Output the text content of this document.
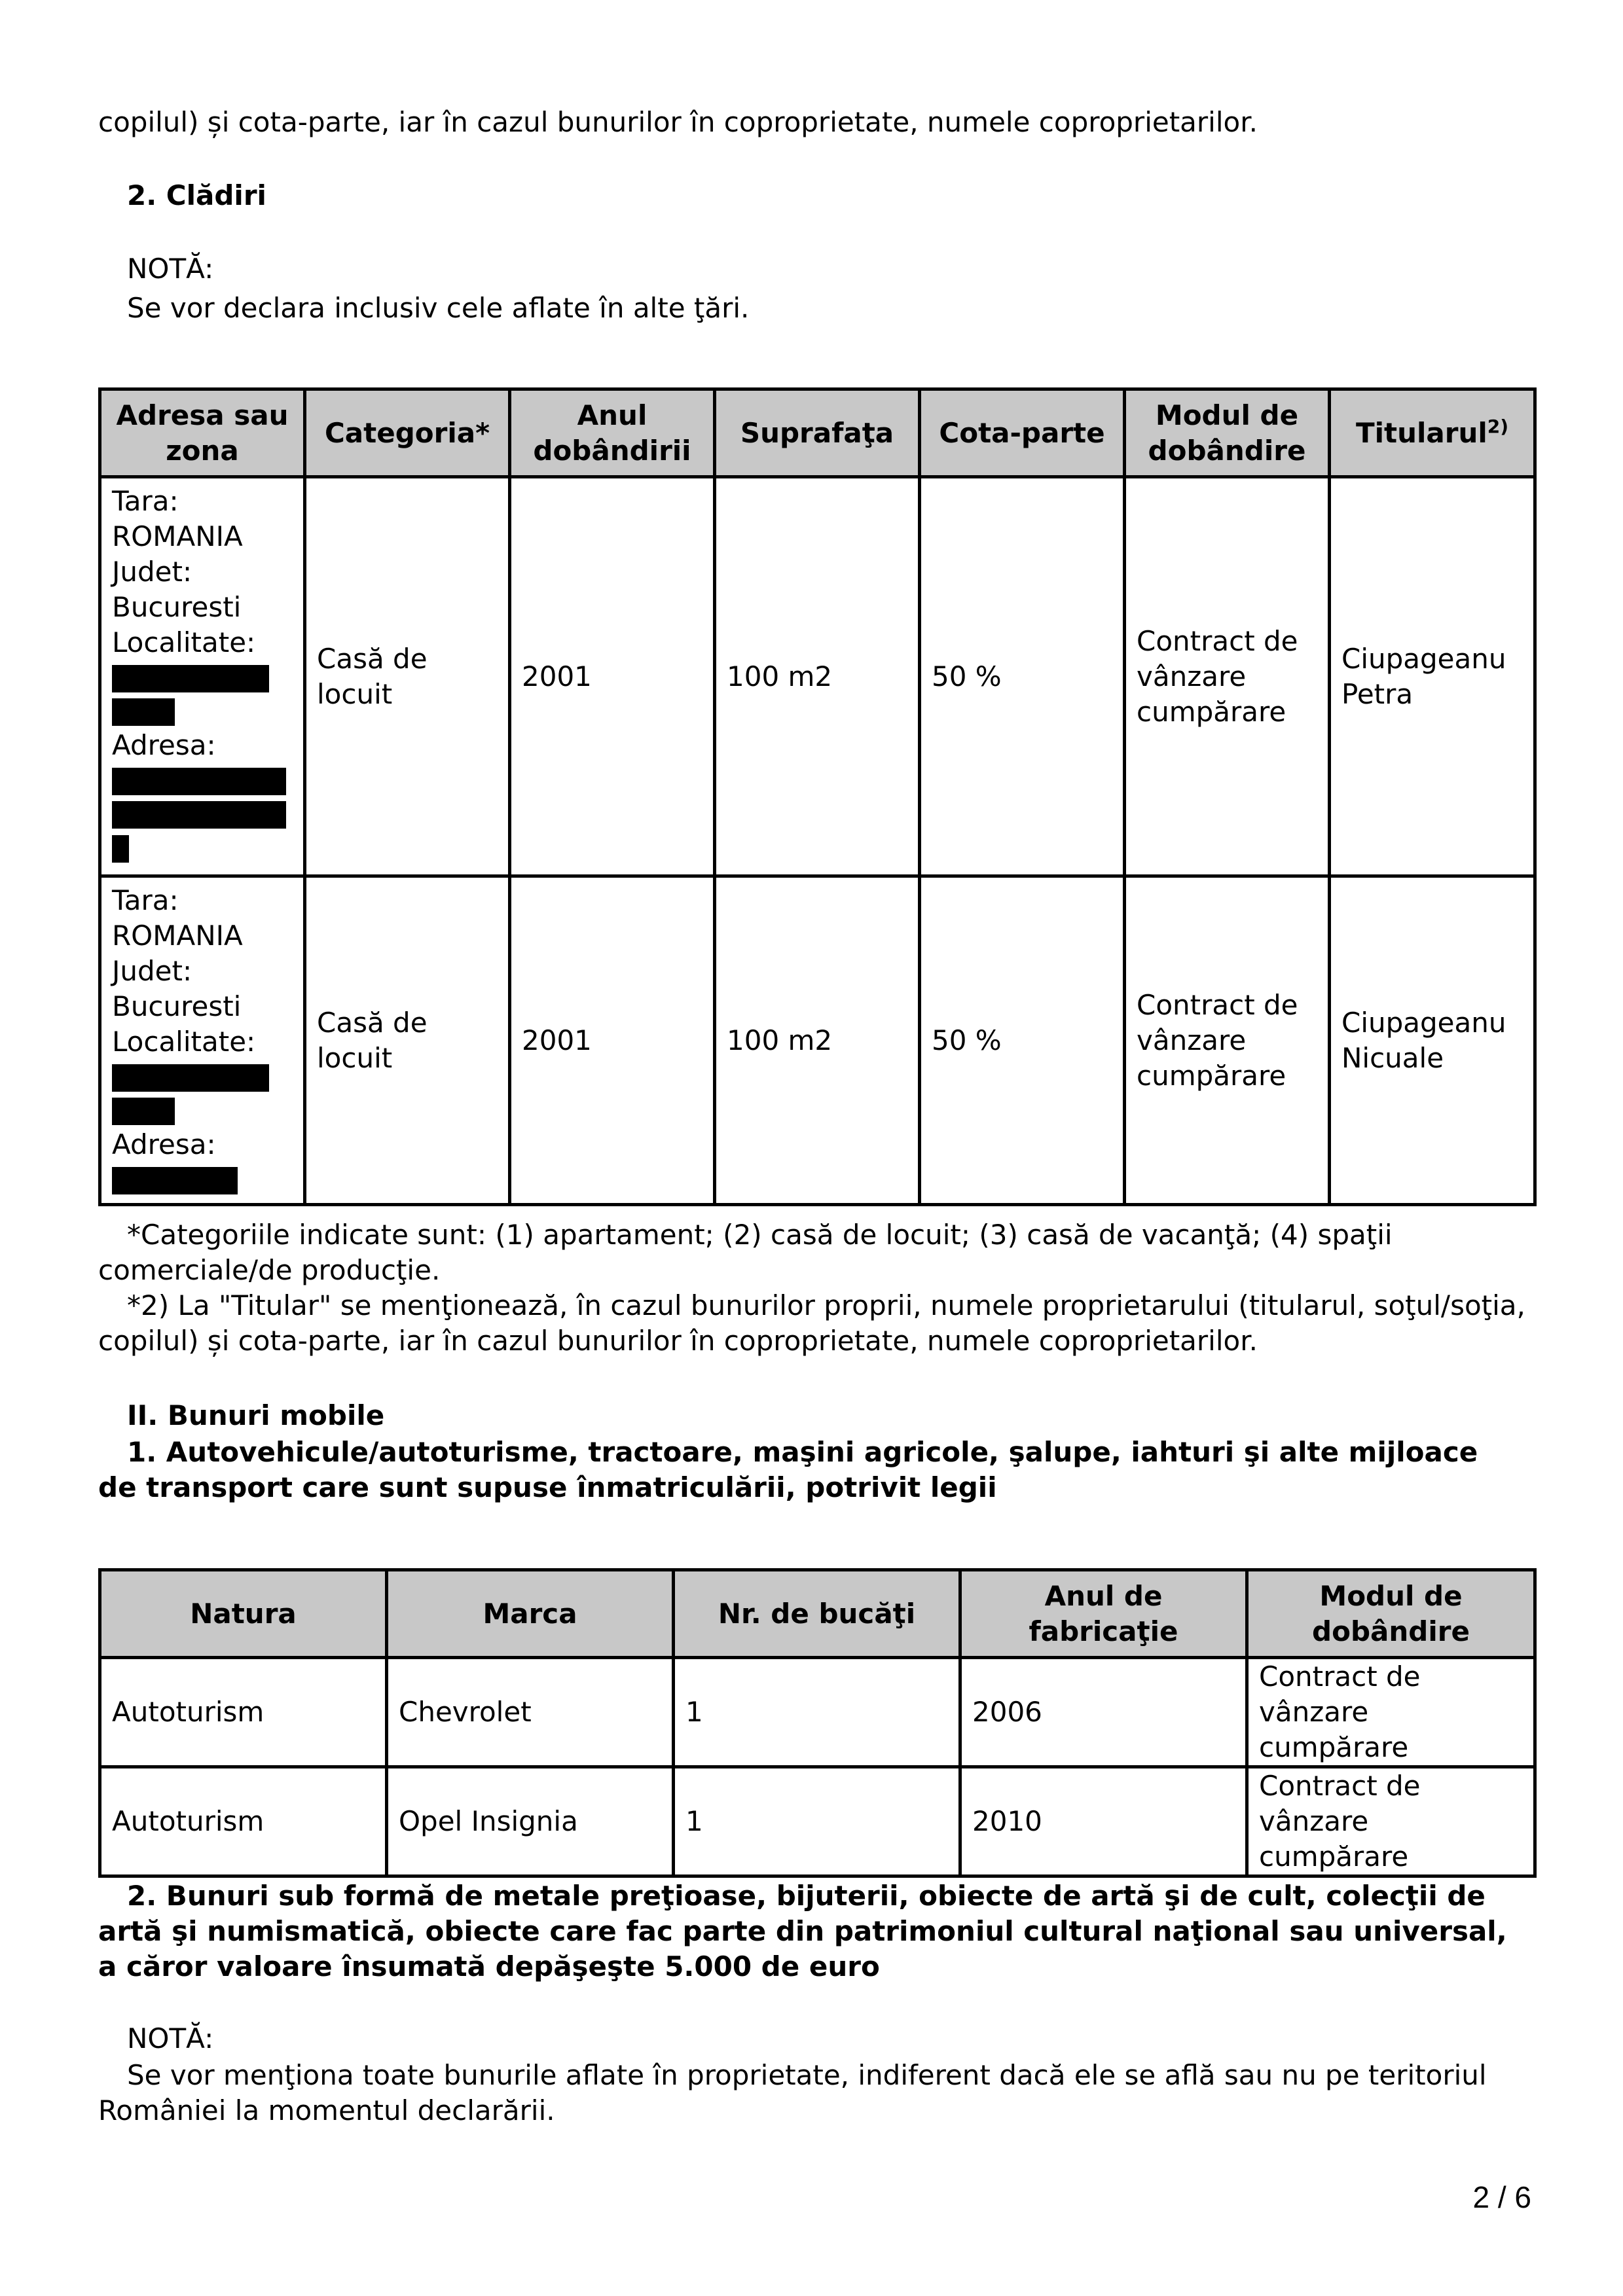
copilul) și cota-parte, iar în cazul bunurilor în coproprietate, numele coproprietarilor.

2. Clădiri

NOTĂ:

Se vor declara inclusiv cele aflate în alte ţări.

Adresa sau zona	Categoria*	Anul dobândirii	Suprafaţa	Cota-parte	Modul de dobândire	Titularul$^{2)}$

Tara: ROMANIA
Judet: Bucuresti
Localitate:

Adresa:	Casă de locuit	2001	100 m2	50 %	Contract de vânzare cumpărare	Ciupageanu Petra

Tara: ROMANIA
Judet: Bucuresti
Localitate:

Adresa:	Casă de locuit	2001	100 m2	50 %	Contract de vânzare cumpărare	Ciupageanu Nicuale

*Categoriile indicate sunt: (1) apartament; (2) casă de locuit; (3) casă de vacanţă; (4) spaţii comerciale/de producţie.

*2) La "Titular" se menţionează, în cazul bunurilor proprii, numele proprietarului (titularul, soţul/soţia, copilul) și cota-parte, iar în cazul bunurilor în coproprietate, numele coproprietarilor.

II. Bunuri mobile

1. Autovehicule/autoturisme, tractoare, maşini agricole, şalupe, iahturi şi alte mijloace de transport care sunt supuse înmatriculării, potrivit legii

Natura	Marca	Nr. de bucăţi	Anul de fabricaţie	Modul de dobândire
Autoturism	Chevrolet	1	2006	Contract de vânzare cumpărare
Autoturism	Opel Insignia	1	2010	Contract de vânzare cumpărare

2. Bunuri sub formă de metale preţioase, bijuterii, obiecte de artă şi de cult, colecţii de artă şi numismatică, obiecte care fac parte din patrimoniul cultural naţional sau universal, a căror valoare însumată depăşeşte 5.000 de euro

NOTĂ:

Se vor menţiona toate bunurile aflate în proprietate, indiferent dacă ele se află sau nu pe teritoriul României la momentul declarării.

2 / 6
